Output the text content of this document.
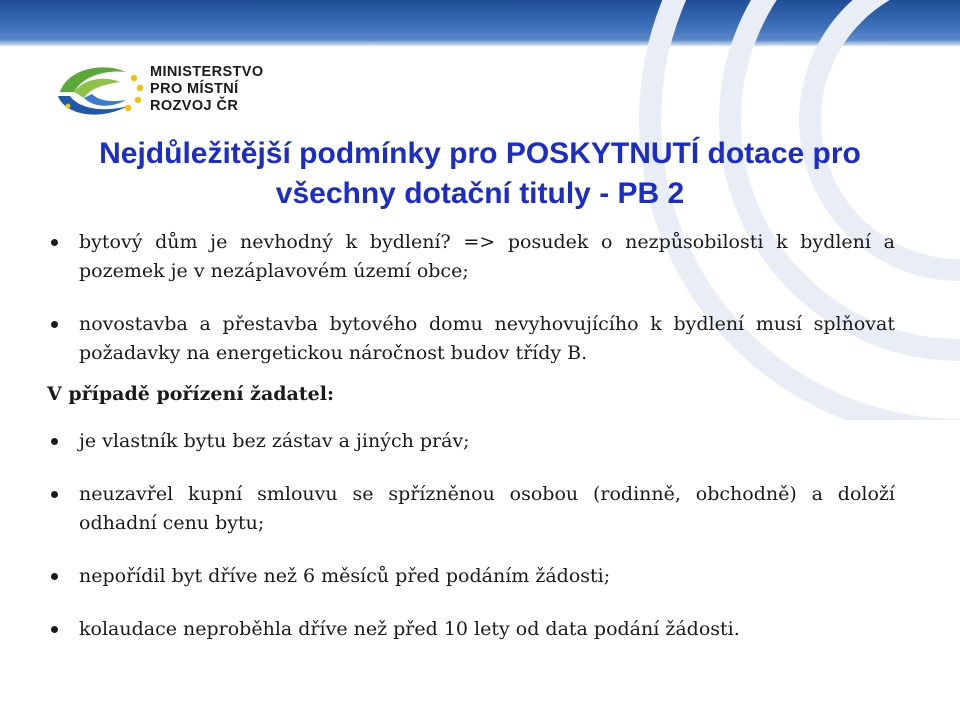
MINISTERSTVO
PRO MÍSTNÍ
ROZVOJ ČR
Nejdůležitější podmínky pro POSKYTNUTÍ dotace pro
všechny dotační tituly - PB 2
bytový dům je nevhodný k bydlení? => posudek o nezpůsobilosti k bydlení a pozemek je v nezáplavovém území obce;
novostavba a přestavba bytového domu nevyhovujícího k bydlení musí splňovat požadavky na energetickou náročnost budov třídy B.
V případě pořízení žadatel:
je vlastník bytu bez zástav a jiných práv;
neuzavřel kupní smlouvu se spřízněnou osobou (rodinně, obchodně) a doloží odhadní cenu bytu;
nepořídil byt dříve než 6 měsíců před podáním žádosti;
kolaudace neproběhla dříve než před 10 lety od data podání žádosti.
